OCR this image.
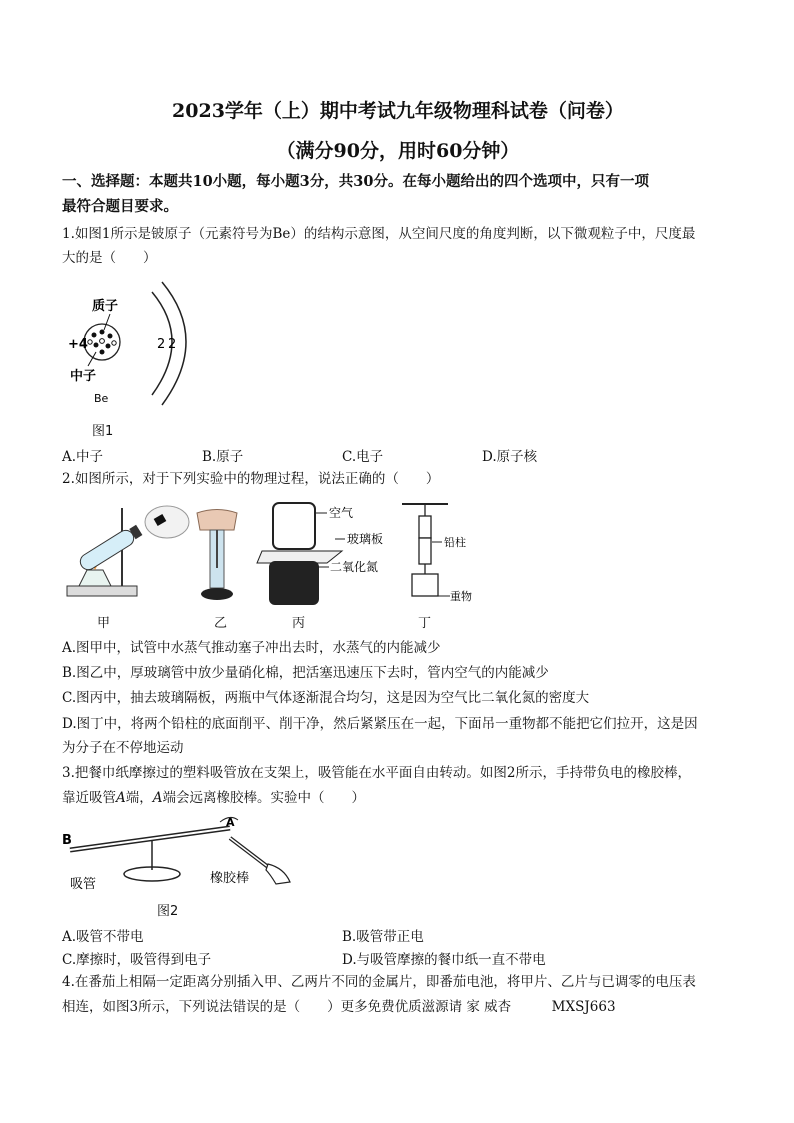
2023学年（上）期中考试九年级物理科试卷（问卷）
（满分90分，用时60分钟）
一、选择题：本题共10小题，每小题3分，共30分。在每小题给出的四个选项中，只有一项
最符合题目要求。
1.如图1所示是铍原子（元素符号为Be）的结构示意图，从空间尺度的角度判断，以下微观粒子中，尺度最
大的是（　　）
质子
+4
中子
Be
2 2
图1
A.中子	B.原子	C.电子	D.原子核
2.如图所示，对于下列实验中的物理过程，说法正确的（　　）
空气
玻璃板
二氧化氮
铅柱
重物
甲	乙	丙	丁
A.图甲中，试管中水蒸气推动塞子冲出去时，水蒸气的内能减少
B.图乙中，厚玻璃管中放少量硝化棉，把活塞迅速压下去时，管内空气的内能减少
C.图丙中，抽去玻璃隔板，两瓶中气体逐渐混合均匀，这是因为空气比二氧化氮的密度大
D.图丁中，将两个铅柱的底面削平、削干净，然后紧紧压在一起，下面吊一重物都不能把它们拉开，这是因
为分子在不停地运动
3.把餐巾纸摩擦过的塑料吸管放在支架上，吸管能在水平面自由转动。如图2所示，手持带负电的橡胶棒，
靠近吸管A端，A端会远离橡胶棒。实验中（　　）
B
A
吸管	橡胶棒
图2
A.吸管不带电	B.吸管带正电
C.摩擦时，吸管得到电子	D.与吸管摩擦的餐巾纸一直不带电
4.在番茄上相隔一定距离分别插入甲、乙两片不同的金属片，即番茄电池，将甲片、乙片与已调零的电压表
相连，如图3所示，下列说法错误的是（　　）更多免费优质滋源请 家 威杏　　　MXSJ663
